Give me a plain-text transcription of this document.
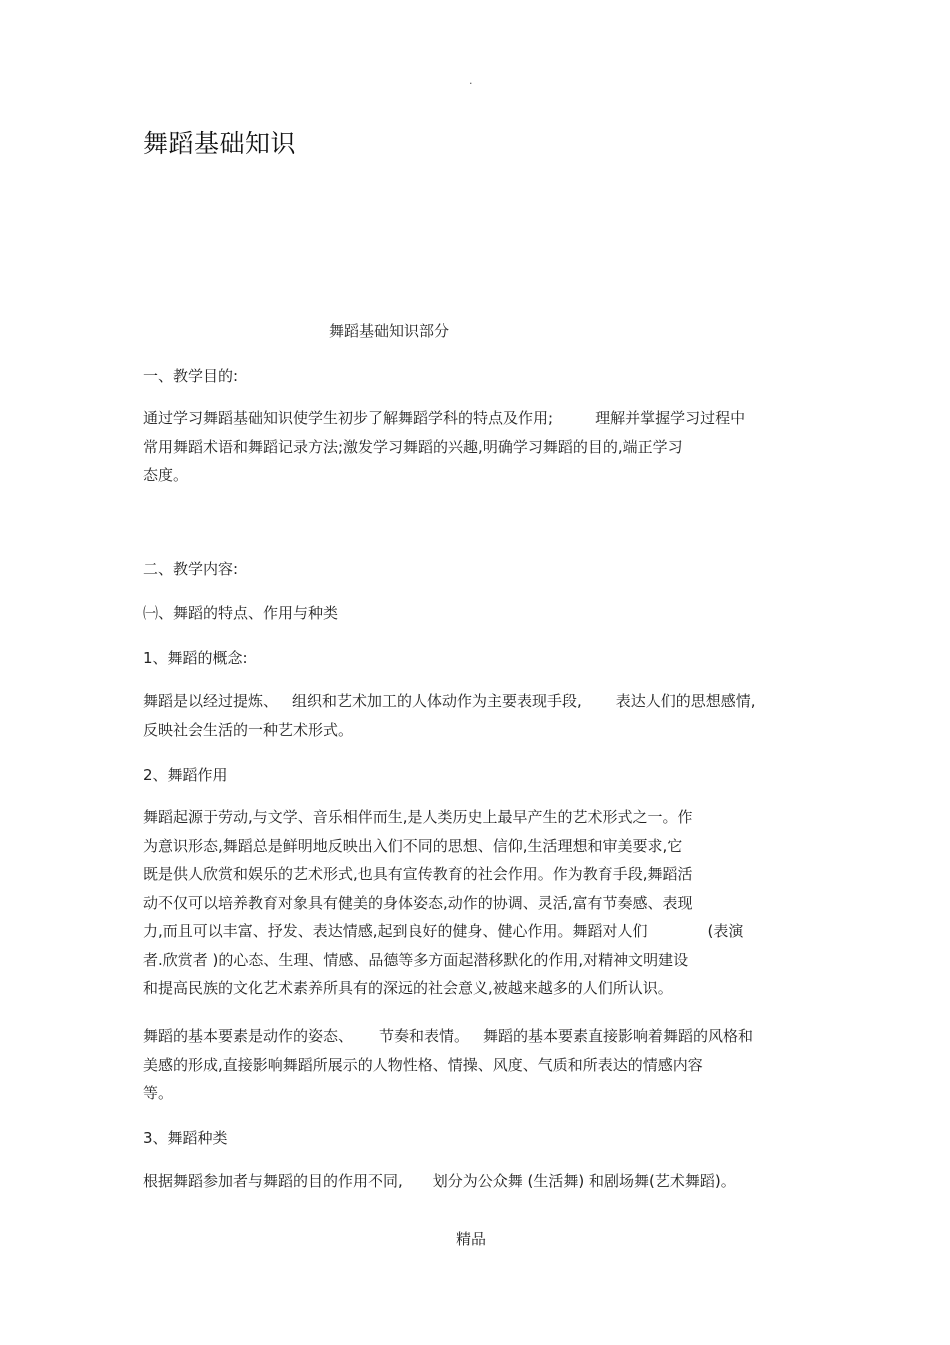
.
舞蹈基础知识
舞蹈基础知识部分
一、教学目的:
通过学习舞蹈基础知识使学生初步了解舞蹈学科的特点及作用;	理解并掌握学习过程中
常用舞蹈术语和舞蹈记录方法;激发学习舞蹈的兴趣,明确学习舞蹈的目的,端正学习
态度。
二、教学内容:
㈠、舞蹈的特点、作用与种类
1、舞蹈的概念:
舞蹈是以经过提炼、 组织和艺术加工的人体动作为主要表现手段, 表达人们的思想感情,
反映社会生活的一种艺术形式。
2、舞蹈作用
舞蹈起源于劳动,与文学、音乐相伴而生,是人类历史上最早产生的艺术形式之一。作
为意识形态,舞蹈总是鲜明地反映出入们不同的思想、信仰,生活理想和审美要求,它
既是供人欣赏和娱乐的艺术形式,也具有宣传教育的社会作用。作为教育手段,舞蹈活
动不仅可以培养教育对象具有健美的身体姿态,动作的协调、灵活,富有节奏感、表现
力,而且可以丰富、抒发、表达情感,起到良好的健身、健心作用。舞蹈对人们	(表演
者.欣赏者 )的心态、生理、情感、品德等多方面起潜移默化的作用,对精神文明建设
和提高民族的文化艺术素养所具有的深远的社会意义,被越来越多的人们所认识。
舞蹈的基本要素是动作的姿态、 节奏和表情。 舞蹈的基本要素直接影响着舞蹈的风格和
美感的形成,直接影响舞蹈所展示的人物性格、情操、风度、气质和所表达的情感内容
等。
3、舞蹈种类
根据舞蹈参加者与舞蹈的目的作用不同, 划分为公众舞 (生活舞) 和剧场舞(艺术舞蹈)。
精品
